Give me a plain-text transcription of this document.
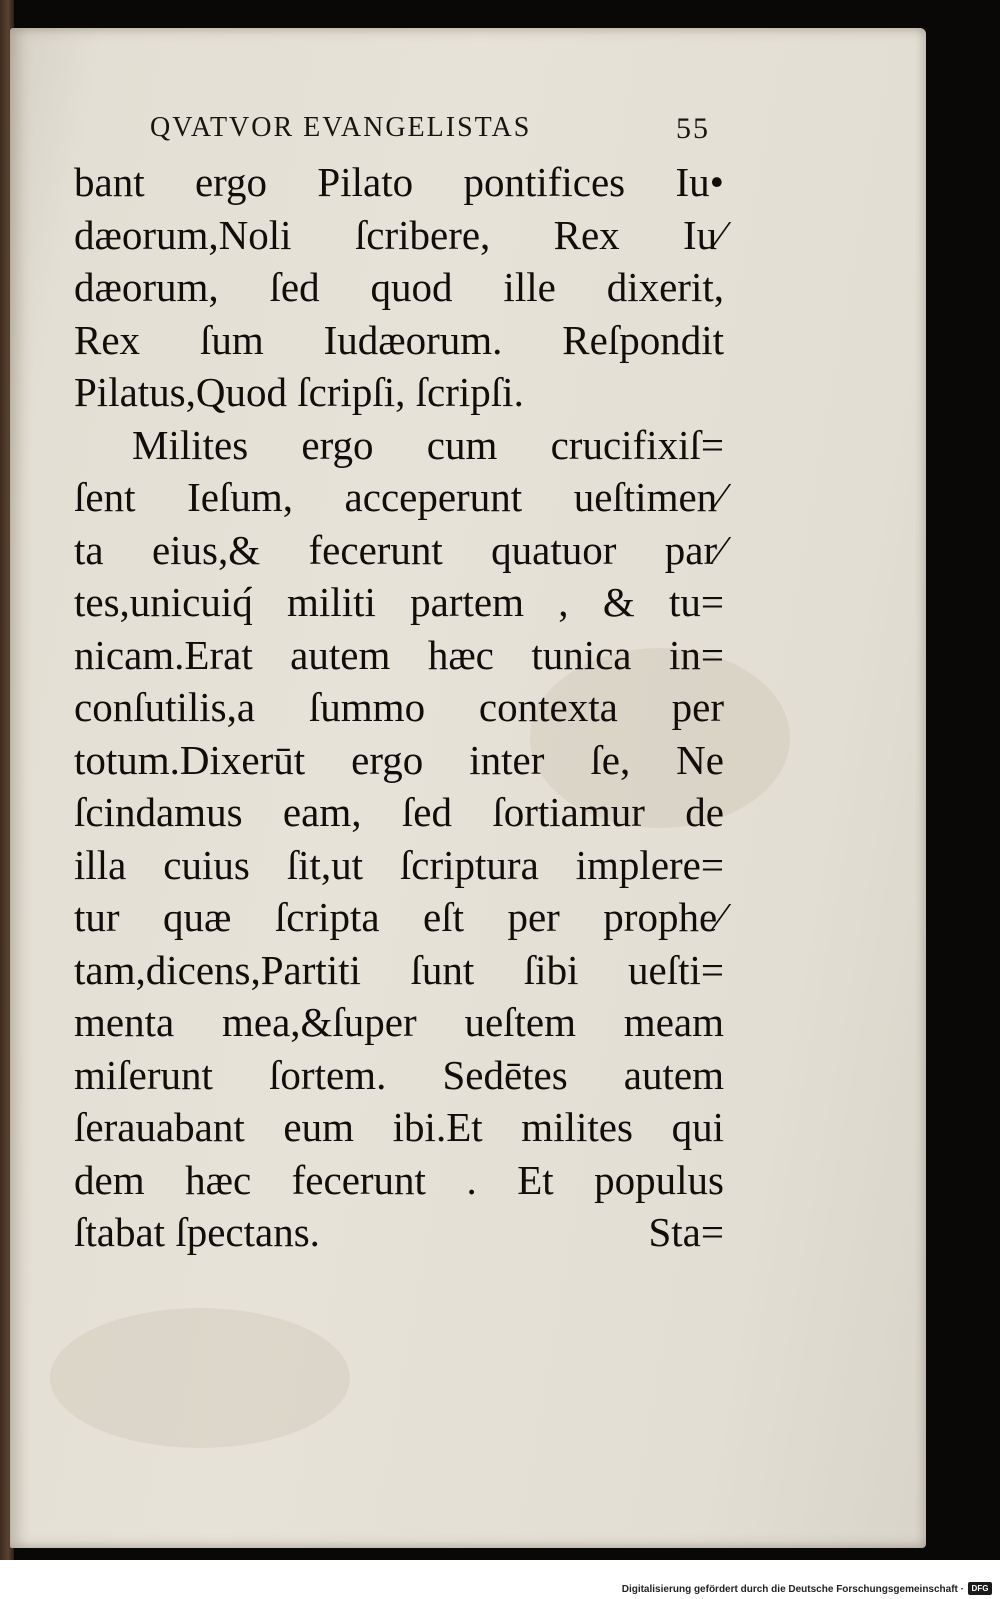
QVATVOR EVANGELISTAS	55
bant ergo Pilato pontifices Iu•
dæorum,Noli ſcribere, Rex Iu⁄
dæorum, ſed quod ille dixerit,
Rex ſum Iudæorum. Reſpondit
Pilatus,Quod ſcripſi, ſcripſi.
Milites ergo cum crucifixiſ=
ſent Ieſum, acceperunt ueſtimen⁄
ta eius,& fecerunt quatuor par⁄
tes,unicuiq́ militi partem , & tu=
nicam.Erat autem hæc tunica in=
conſutilis,a ſummo contexta per
totum.Dixerūt ergo inter ſe, Ne
ſcindamus eam, ſed ſortiamur de
illa cuius ſit,ut ſcriptura implere=
tur quæ ſcripta eſt per prophe⁄
tam,dicens,Partiti ſunt ſibi ueſti=
menta mea,&ſuper ueſtem meam
miſerunt ſortem. Sedētes autem
ſerauabant eum ibi.Et milites qui
dem hæc fecerunt . Et populus
ſtabat ſpectans.	Sta=
Digitalisierung gefördert durch die Deutsche Forschungsgemeinschaft · DFG
